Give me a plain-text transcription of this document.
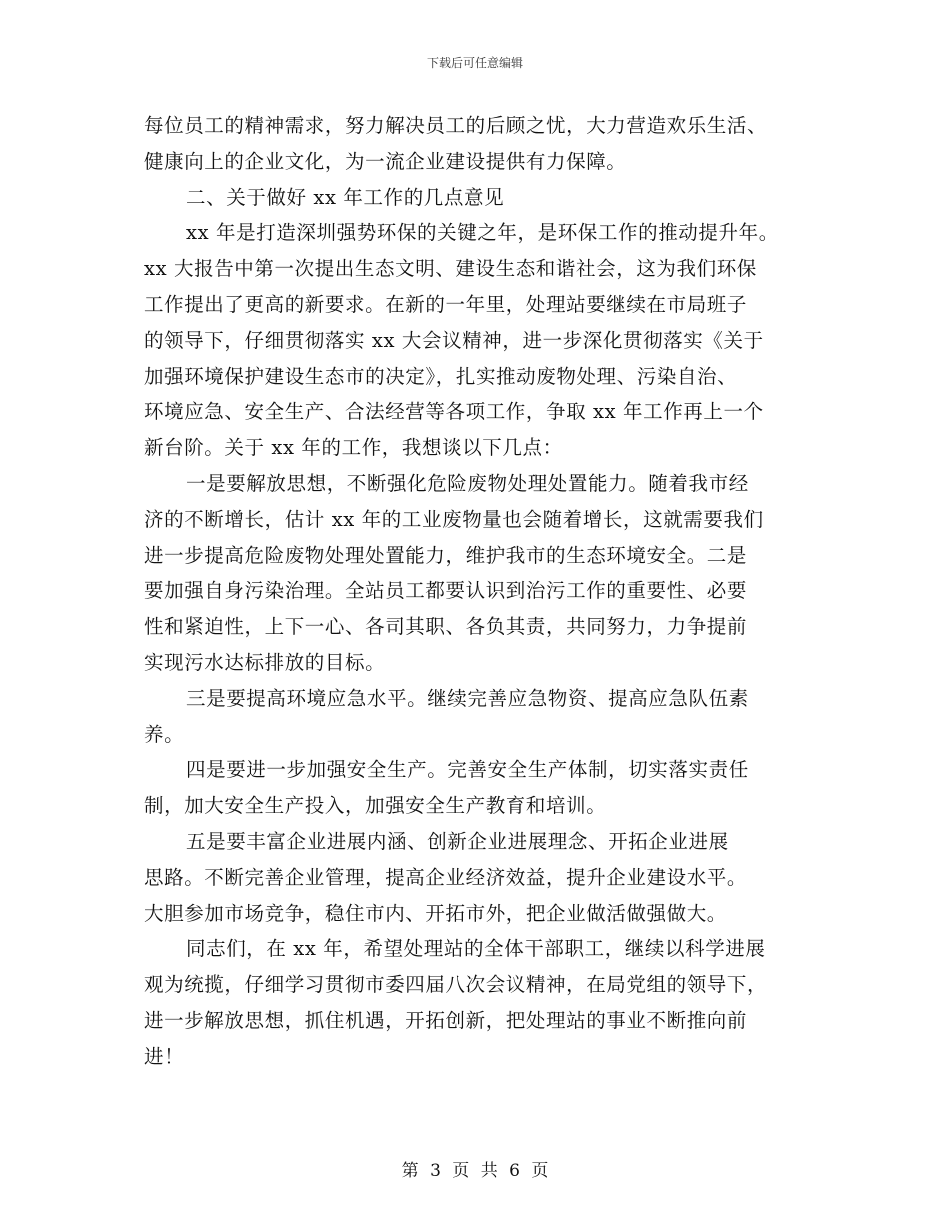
下载后可任意编辑
每位员工的精神需求，努力解决员工的后顾之忧，大力营造欢乐生活、
健康向上的企业文化，为一流企业建设提供有力保障。
二、关于做好 xx 年工作的几点意见
xx 年是打造深圳强势环保的关键之年，是环保工作的推动提升年。
xx 大报告中第一次提出生态文明、建设生态和谐社会，这为我们环保
工作提出了更高的新要求。在新的一年里，处理站要继续在市局班子
的领导下，仔细贯彻落实 xx 大会议精神，进一步深化贯彻落实《关于
加强环境保护建设生态市的决定》，扎实推动废物处理、污染自治、
环境应急、安全生产、合法经营等各项工作，争取 xx 年工作再上一个
新台阶。关于 xx 年的工作，我想谈以下几点：
一是要解放思想，不断强化危险废物处理处置能力。随着我市经
济的不断增长，估计 xx 年的工业废物量也会随着增长，这就需要我们
进一步提高危险废物处理处置能力，维护我市的生态环境安全。二是
要加强自身污染治理。全站员工都要认识到治污工作的重要性、必要
性和紧迫性，上下一心、各司其职、各负其责，共同努力，力争提前
实现污水达标排放的目标。
三是要提高环境应急水平。继续完善应急物资、提高应急队伍素
养。
四是要进一步加强安全生产。完善安全生产体制，切实落实责任
制，加大安全生产投入，加强安全生产教育和培训。
五是要丰富企业进展内涵、创新企业进展理念、开拓企业进展
思路。不断完善企业管理，提高企业经济效益，提升企业建设水平。
大胆参加市场竞争，稳住市内、开拓市外，把企业做活做强做大。
同志们，在 xx 年，希望处理站的全体干部职工，继续以科学进展
观为统揽，仔细学习贯彻市委四届八次会议精神，在局党组的领导下，
进一步解放思想，抓住机遇，开拓创新，把处理站的事业不断推向前
进！
第 3 页 共 6 页
